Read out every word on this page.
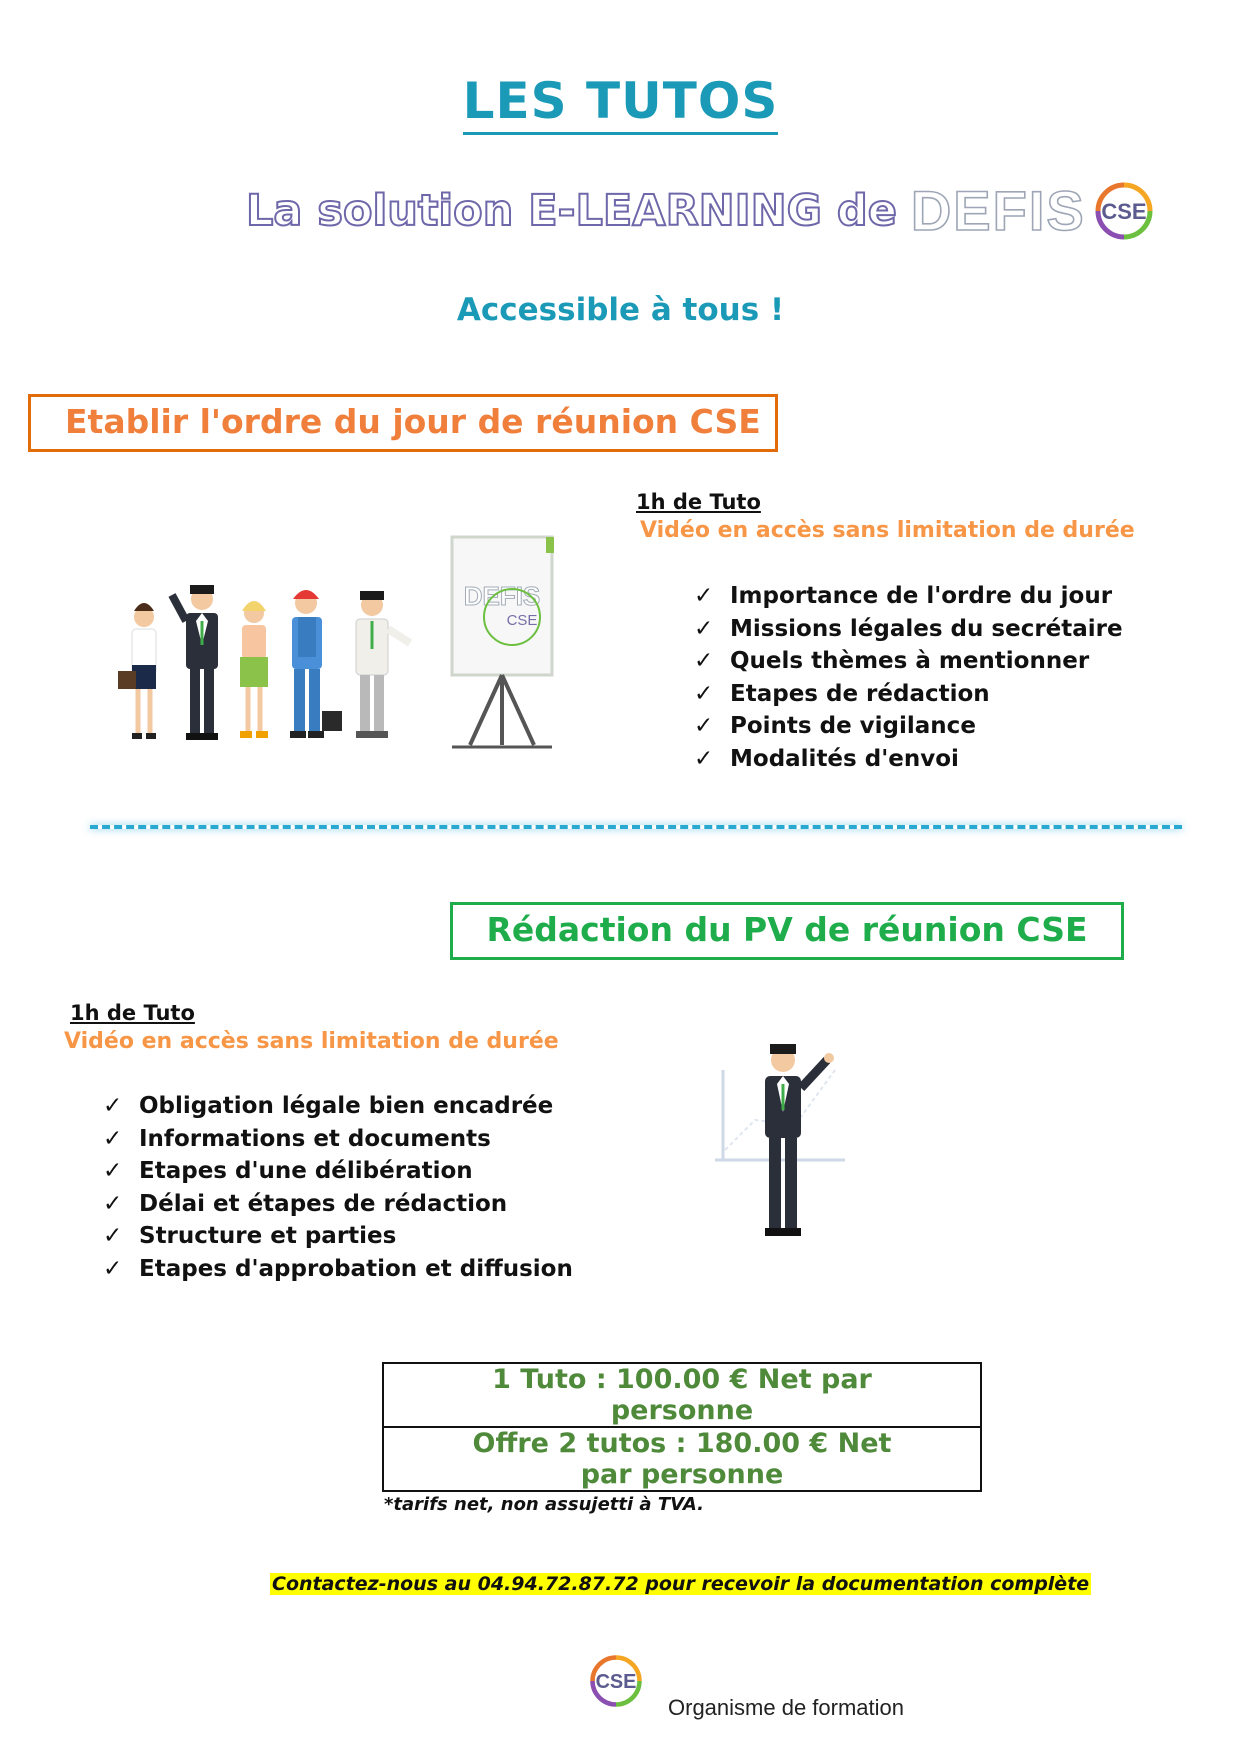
LES TUTOS
La solution E-LEARNING de DEFIS CSE
Accessible à tous !
Etablir l'ordre du jour de réunion CSE
DEFIS
CSE
1h de Tuto
Vidéo en accès sans limitation de durée
✓ Importance de l'ordre du jour
✓ Missions légales du secrétaire
✓ Quels thèmes à mentionner
✓ Etapes de rédaction
✓ Points de vigilance
✓ Modalités d'envoi
Rédaction du PV de réunion CSE
1h de Tuto
Vidéo en accès sans limitation de durée
✓ Obligation légale bien encadrée
✓ Informations et documents
✓ Etapes d'une délibération
✓ Délai et étapes de rédaction
✓ Structure et parties
✓ Etapes d'approbation et diffusion
1 Tuto : 100.00 € Net par personne
Offre 2 tutos : 180.00 € Net par personne
*tarifs net, non assujetti à TVA.
Contactez-nous au 04.94.72.87.72 pour recevoir la documentation complète
CSE
Organisme de formation
